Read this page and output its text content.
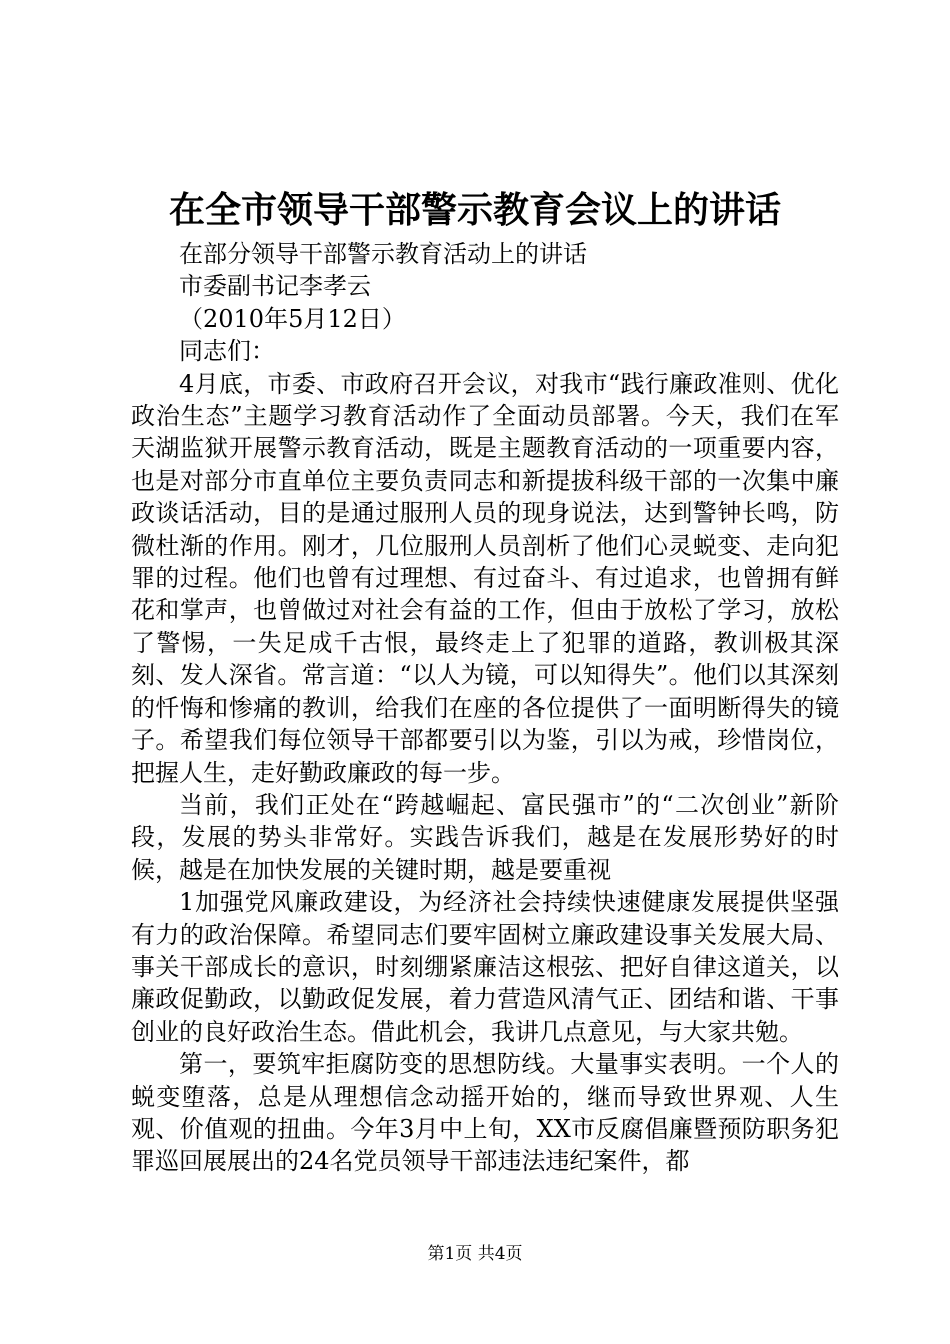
在全市领导干部警示教育会议上的讲话

在部分领导干部警示教育活动上的讲话

市委副书记李孝云

（2010年5月12日）

同志们：

4月底，市委、市政府召开会议，对我市“践行廉政准则、优化政治生态”主题学习教育活动作了全面动员部署。今天，我们在军天湖监狱开展警示教育活动，既是主题教育活动的一项重要内容，也是对部分市直单位主要负责同志和新提拔科级干部的一次集中廉政谈话活动，目的是通过服刑人员的现身说法，达到警钟长鸣，防微杜渐的作用。刚才，几位服刑人员剖析了他们心灵蜕变、走向犯罪的过程。他们也曾有过理想、有过奋斗、有过追求，也曾拥有鲜花和掌声，也曾做过对社会有益的工作，但由于放松了学习，放松了警惕，一失足成千古恨，最终走上了犯罪的道路，教训极其深刻、发人深省。常言道：“以人为镜，可以知得失”。他们以其深刻的忏悔和惨痛的教训，给我们在座的各位提供了一面明断得失的镜子。希望我们每位领导干部都要引以为鉴，引以为戒，珍惜岗位，把握人生，走好勤政廉政的每一步。

当前，我们正处在“跨越崛起、富民强市”的“二次创业”新阶段，发展的势头非常好。实践告诉我们，越是在发展形势好的时候，越是在加快发展的关键时期，越是要重视

1加强党风廉政建设，为经济社会持续快速健康发展提供坚强有力的政治保障。希望同志们要牢固树立廉政建设事关发展大局、事关干部成长的意识，时刻绷紧廉洁这根弦、把好自律这道关，以廉政促勤政，以勤政促发展，着力营造风清气正、团结和谐、干事创业的良好政治生态。借此机会，我讲几点意见，与大家共勉。

第一，要筑牢拒腐防变的思想防线。大量事实表明。一个人的蜕变堕落，总是从理想信念动摇开始的，继而导致世界观、人生观、价值观的扭曲。今年3月中上旬，XX市反腐倡廉暨预防职务犯罪巡回展展出的24名党员领导干部违法违纪案件，都

第1页 共4页
